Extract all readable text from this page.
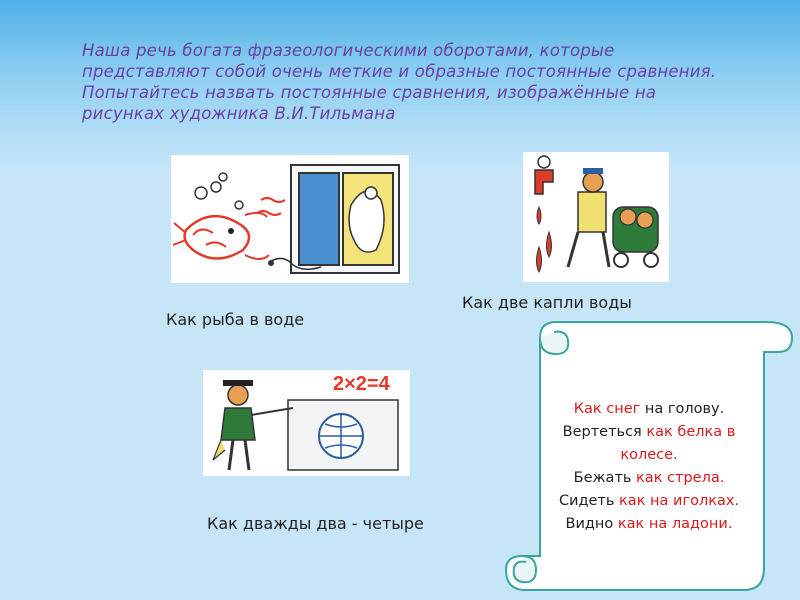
Наша речь богата фразеологическими оборотами, которые представляют собой очень меткие и образные постоянные сравнения. Попытайтесь назвать постоянные сравнения, изображённые на рисунках художника В.И.Тильмана
2×2=4
Как рыба в воде
Как две капли воды
Как дважды два - четыре
Как снег на голову.
Вертеться как белка в
колесе.
Бежать как стрела.
Сидеть как на иголках.
Видно как на ладони.
